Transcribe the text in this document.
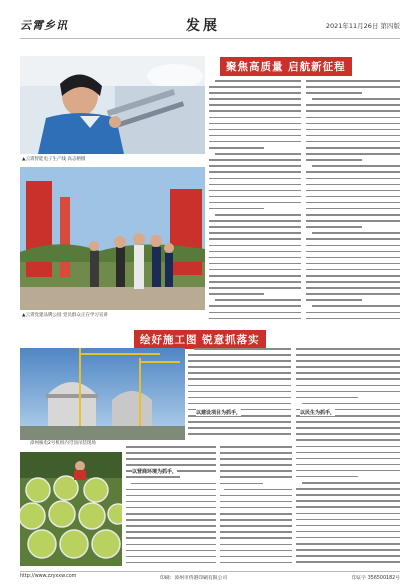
云霄乡讯	发展	2021年11月26日 第四版
▲云霄智能电子生产线 高志榕摄
聚焦高质量 启航新征程
▲云霄党建品牌公园 党员群众正在学习宣讲
绘好施工图 锐意抓落实
漳州核电2号机组内穹顶吊装现场
以建设项目为抓手，
以营商环境为抓手，
以民生为抓手，
http://www.zzyxxw.com	印刷：漳州市侨港印刷有限公司	印证字 356500182号
